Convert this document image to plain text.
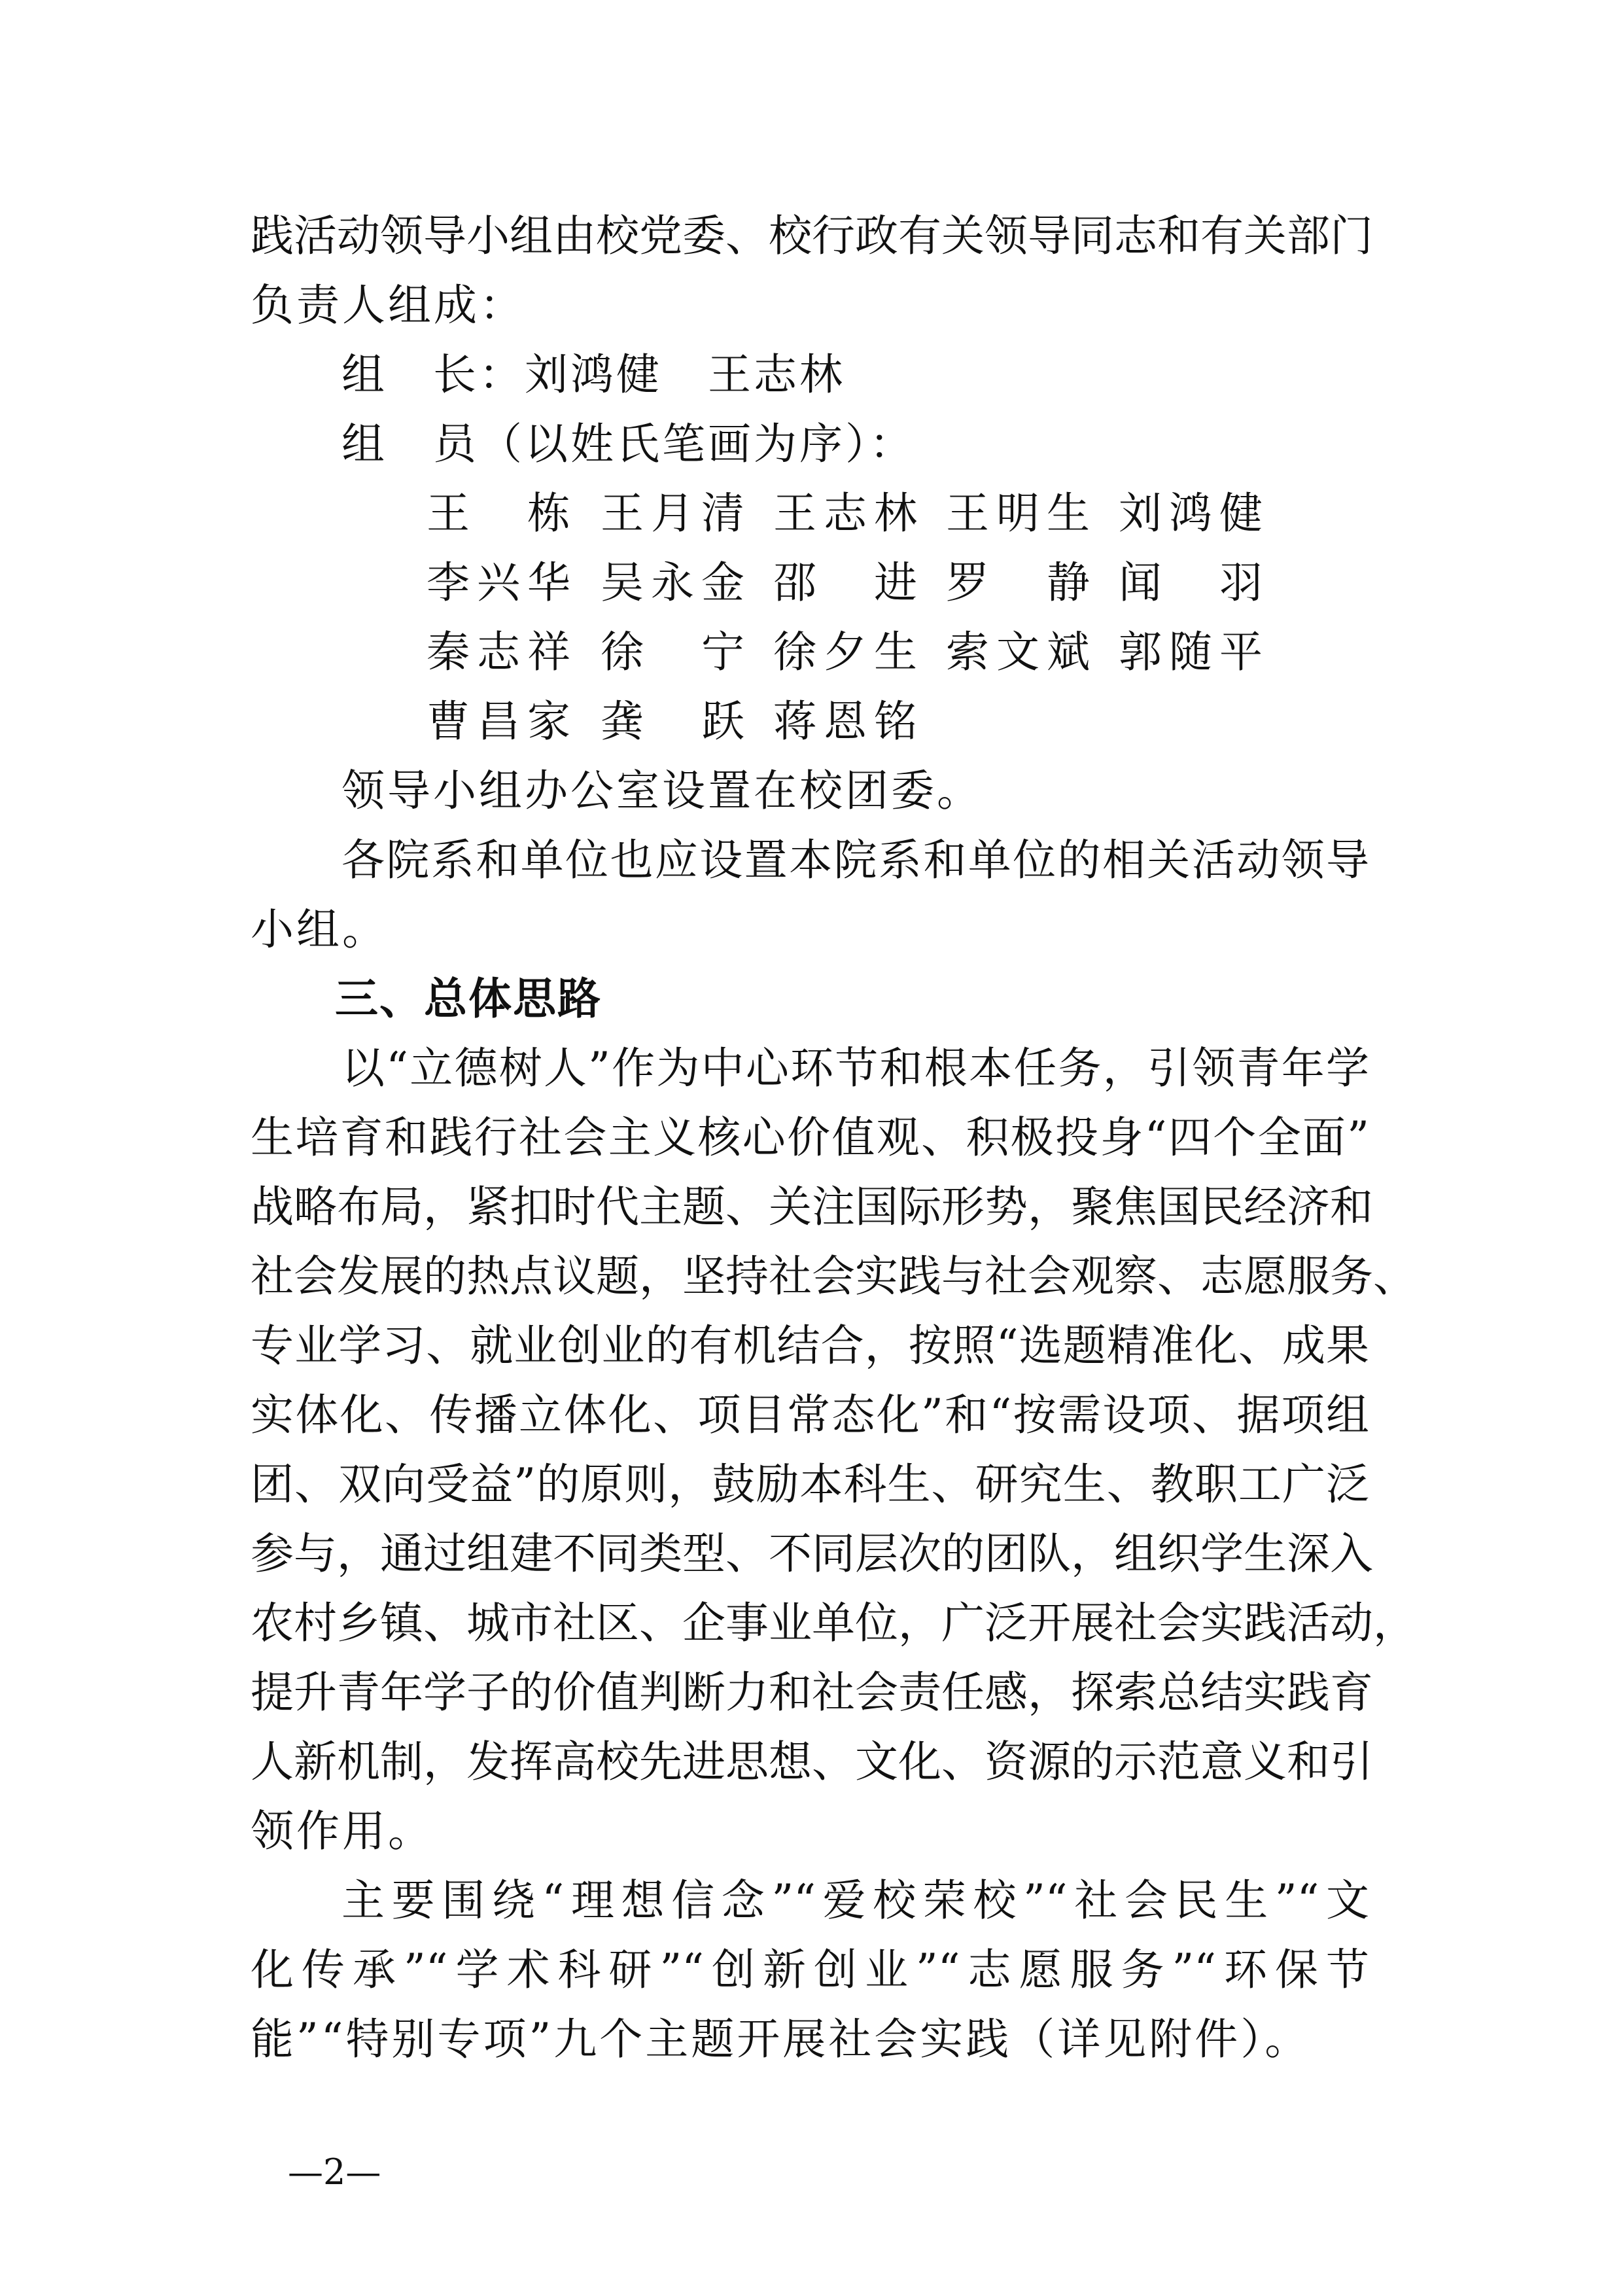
践活动领导小组由校党委、校行政有关领导同志和有关部门
负责人组成：
组　长：刘鸿健　王志林
组　员（以姓氏笔画为序）：
王　栋 王月清 王志林 王明生 刘鸿健
李兴华 吴永金 邵　进 罗　静 闻　羽
秦志祥 徐　宁 徐夕生 索文斌 郭随平
曹昌家 龚　跃 蒋恩铭
领导小组办公室设置在校团委。
各院系和单位也应设置本院系和单位的相关活动领导
小组。
三、总体思路
以“立德树人”作为中心环节和根本任务，引领青年学
生培育和践行社会主义核心价值观、积极投身“四个全面”
战略布局，紧扣时代主题、关注国际形势，聚焦国民经济和
社会发展的热点议题，坚持社会实践与社会观察、志愿服务、
专业学习、就业创业的有机结合，按照“选题精准化、成果
实体化、传播立体化、项目常态化”和“按需设项、据项组
团、双向受益”的原则，鼓励本科生、研究生、教职工广泛
参与，通过组建不同类型、不同层次的团队，组织学生深入
农村乡镇、城市社区、企事业单位，广泛开展社会实践活动，
提升青年学子的价值判断力和社会责任感，探索总结实践育
人新机制，发挥高校先进思想、文化、资源的示范意义和引
领作用。
主要围绕“理想信念”“爱校荣校”“社会民生”“文
化传承”“学术科研”“创新创业”“志愿服务”“环保节
能”“特别专项”九个主题开展社会实践（详见附件）。
—2—
